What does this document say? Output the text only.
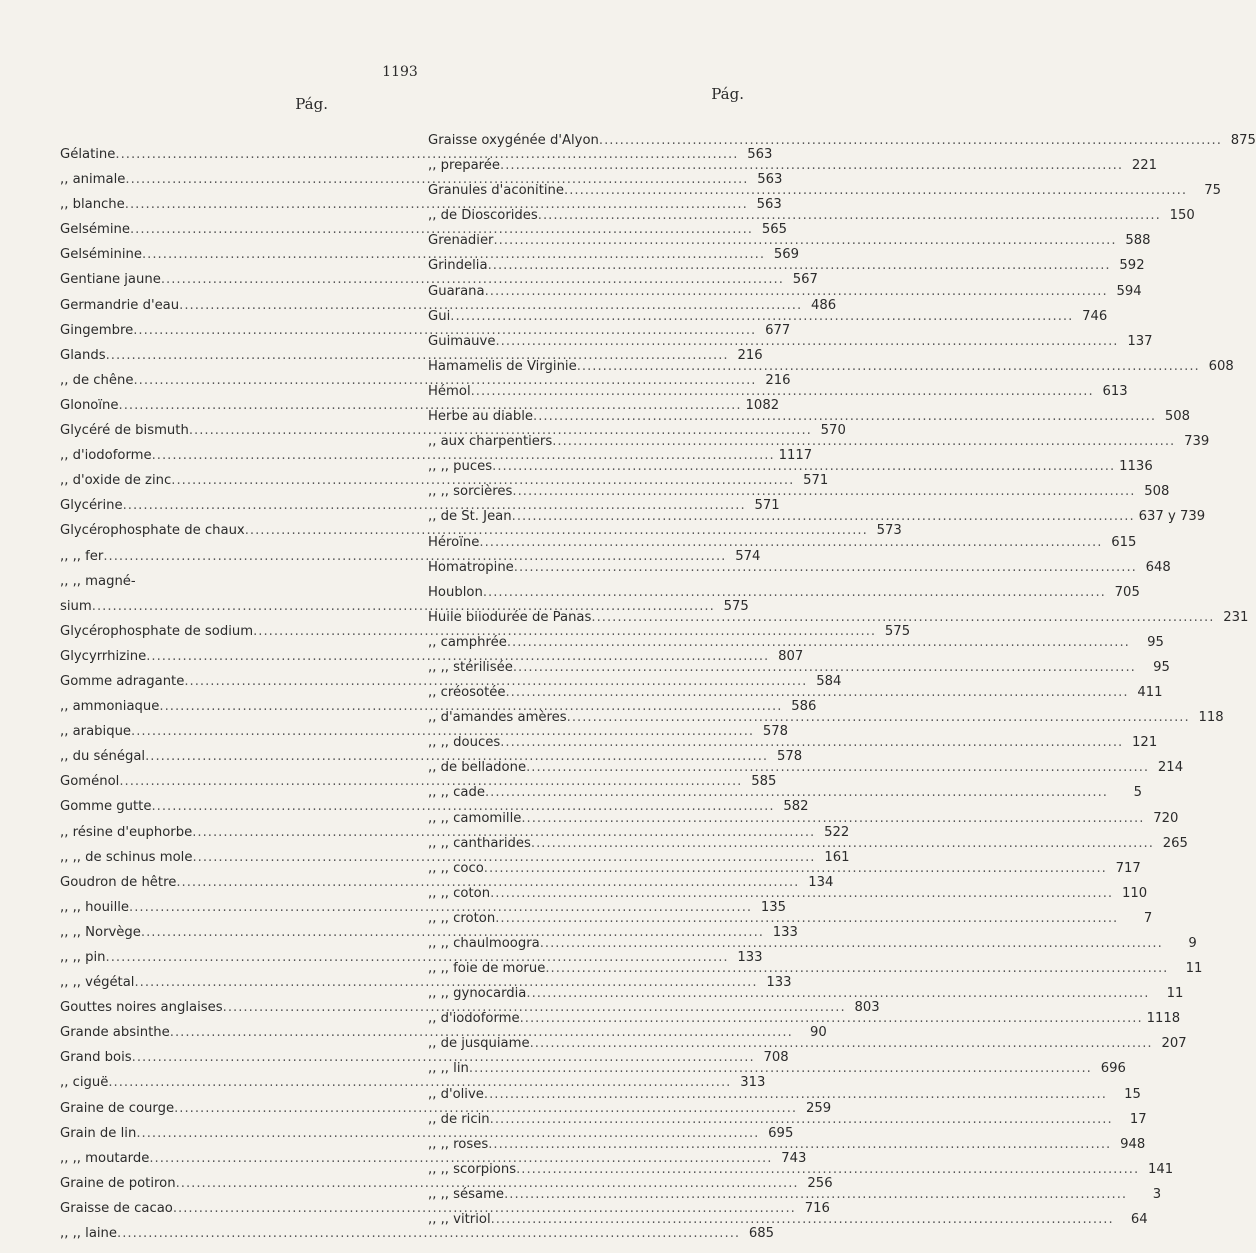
1193
Pág.
Gélatine .....	563
,, animale .....	563
,, blanche .....	563
Gelsémine .....	565
Gelséminine .....	569
Gentiane jaune .....	567
Germandrie d'eau .....	486
Gingembre .....	677
Glands .....	216
,, de chêne .....	216
Glonoïne .....	1082
Glycéré de bismuth .....	570
,, d'iodoforme .....	1117
,, d'oxide de zinc .....	571
Glycérine .....	571
Glycérophosphate de chaux .....	573
,, ,, fer .....	574
,, ,, magné-
sium .....	575
Glycérophosphate de sodium .....	575
Glycyrrhizine .....	807
Gomme adragante .....	584
,, ammoniaque .....	586
,, arabique .....	578
,, du sénégal .....	578
Goménol .....	585
Gomme gutte .....	582
,, résine d'euphorbe .....	522
,, ,, de schinus mole .....	161
Goudron de hêtre .....	134
,, ,, houille .....	135
,, ,, Norvège .....	133
,, ,, pin .....	133
,, ,, végétal .....	133
Gouttes noires anglaises .....	803
Grande absinthe .....	90
Grand bois .....	708
,, ciguë .....	313
Graine de courge .....	259
Grain de lin .....	695
,, ,, moutarde .....	743
Graine de potiron .....	256
Graisse de cacao .....	716
,, ,, laine .....	685
Pág.
Graisse oxygénée d'Alyon .....	875
,, preparée .....	221
Granules d'aconitine .....	75
,, de Dioscorides .....	150
Grenadier .....	588
Grindelia .....	592
Guarana .....	594
Gui .....	746
Guimauve .....	137
Hamamelis de Virginie .....	608
Hémol .....	613
Herbe au diable .....	508
,, aux charpentiers .....	739
,, ,, puces .....	1136
,, ,, sorcières .....	508
,, de St. Jean .....	637 y 739
Héroïne .....	615
Homatropine .....	648
Houblon .....	705
Huile biiodurée de Panas .....	231
,, camphrée .....	95
,, ,, stérilisée .....	95
,, créosotée .....	411
,, d'amandes amères .....	118
,, ,, douces .....	121
,, de belladone .....	214
,, ,, cade .....	5
,, ,, camomille .....	720
,, ,, cantharides .....	265
,, ,, coco .....	717
,, ,, coton .....	110
,, ,, croton .....	7
,, ,, chaulmoogra .....	9
,, ,, foie de morue .....	11
,, ,, gynocardia .....	11
,, d'iodoforme .....	1118
,, de jusquiame .....	207
,, ,, lin .....	696
,, d'olive .....	15
,, de ricin .....	17
,, ,, roses .....	948
,, ,, scorpions .....	141
,, ,, sésame .....	3
,, ,, vitriol .....	64
